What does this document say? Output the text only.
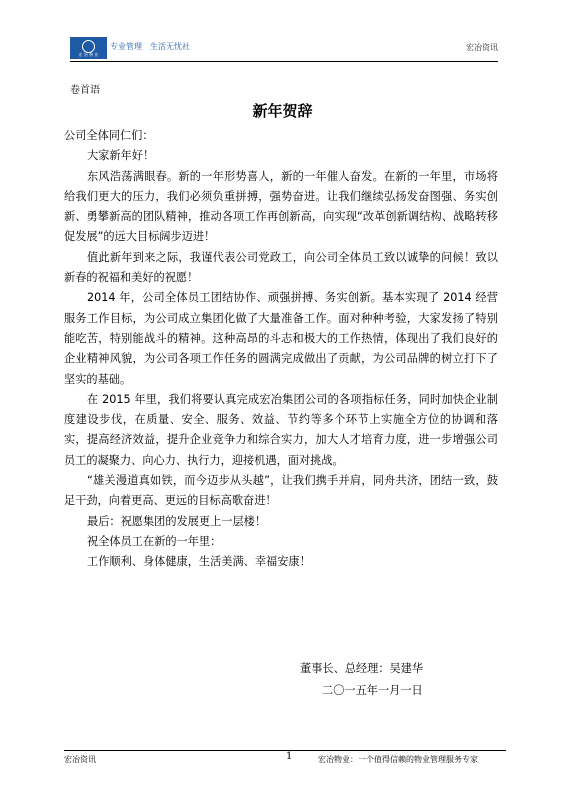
宏 冶 物 业
专业管理　生活无忧社	宏冶资讯
卷首语
新年贺辞

公司全体同仁们：

大家新年好！

东风浩荡满眼春。新的一年形势喜人，新的一年催人奋发。在新的一年里，市场将给我们更大的压力，我们必须负重拼搏，强势奋进。让我们继续弘扬发奋图强、务实创新、勇攀新高的团队精神，推动各项工作再创新高，向实现“改革创新调结构、战略转移促发展”的远大目标阔步迈进！

值此新年到来之际，我谨代表公司党政工，向公司全体员工致以诚挚的问候！致以新春的祝福和美好的祝愿！

2014 年，公司全体员工团结协作、顽强拼搏、务实创新。基本实现了 2014 经营服务工作目标，为公司成立集团化做了大量准备工作。面对种种考验，大家发扬了特别能吃苦，特别能战斗的精神。这种高昂的斗志和极大的工作热情，体现出了我们良好的企业精神风貌，为公司各项工作任务的圆满完成做出了贡献，为公司品牌的树立打下了坚实的基础。

在 2015 年里，我们将要认真完成宏冶集团公司的各项指标任务，同时加快企业制度建设步伐，在质量、安全、服务、效益、节约等多个环节上实施全方位的协调和落实，提高经济效益，提升企业竞争力和综合实力，加大人才培育力度，进一步增强公司员工的凝聚力、向心力、执行力，迎接机遇，面对挑战。

“雄关漫道真如铁，而今迈步从头越”，让我们携手并肩，同舟共济，团结一致，鼓足干劲，向着更高、更远的目标高歌奋进！

最后：祝愿集团的发展更上一层楼！

祝全体员工在新的一年里：

工作顺利、身体健康，生活美满、幸福安康！

董事长、总经理：吴建华
二〇一五年一月一日
宏冶资讯	1	宏冶物业：一个值得信赖的物业管理服务专家
